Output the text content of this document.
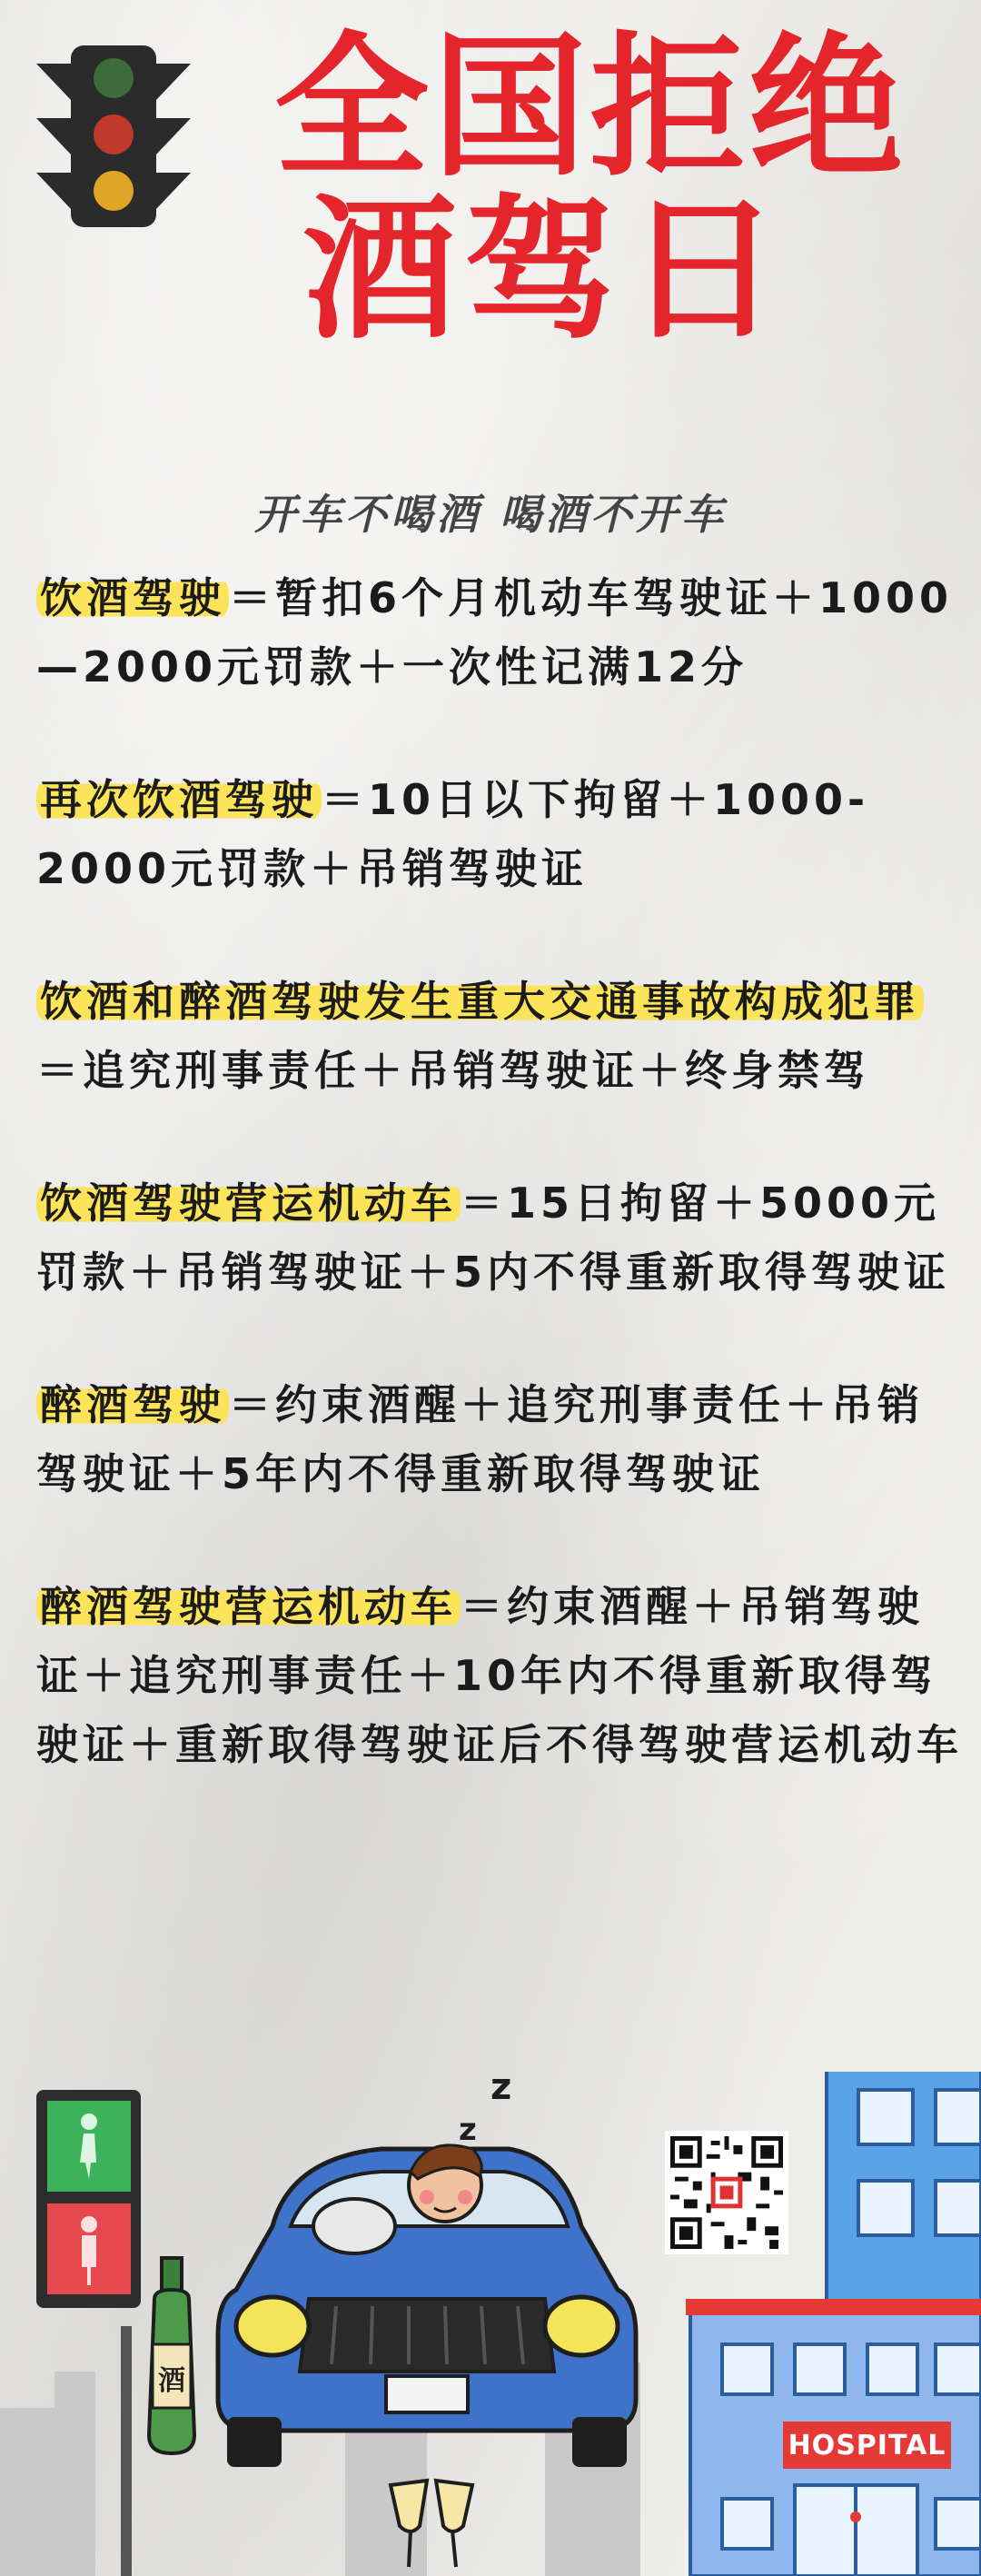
全国拒绝
酒驾日
开车不喝酒 喝酒不开车
饮酒驾驶＝暂扣6个月机动车驾驶证＋1000—2000元罚款＋一次性记满12分
再次饮酒驾驶＝10日以下拘留＋1000-2000元罚款＋吊销驾驶证
饮酒和醉酒驾驶发生重大交通事故构成犯罪＝追究刑事责任＋吊销驾驶证＋终身禁驾
饮酒驾驶营运机动车＝15日拘留＋5000元罚款＋吊销驾驶证＋5内不得重新取得驾驶证
醉酒驾驶＝约束酒醒＋追究刑事责任＋吊销驾驶证＋5年内不得重新取得驾驶证
醉酒驾驶营运机动车＝约束酒醒＋吊销驾驶证＋追究刑事责任＋10年内不得重新取得驾驶证＋重新取得驾驶证后不得驾驶营运机动车
酒
z
z
HOSPITAL
